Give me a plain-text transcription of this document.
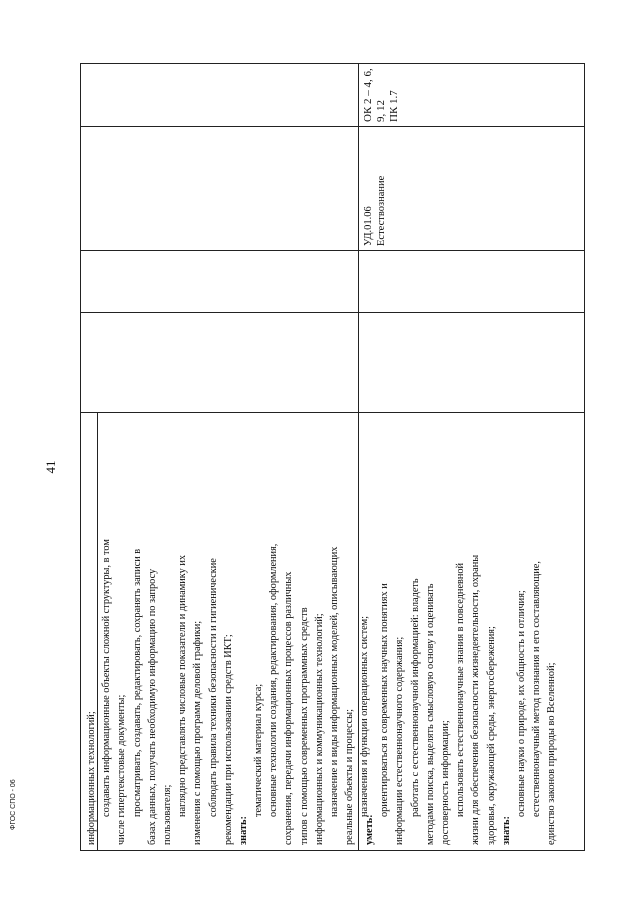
41
ФГОС СПО - 06	информационных технологий; создавать информационные объекты сложной структуры, в том числе гипертекстовые документы; просматривать, создавать, редактировать, сохранять записи в базах данных, получать необходимую информацию по запросу пользователя; наглядно представлять числовые показатели и динамику их изменения с помощью программ деловой графики; соблюдать правила техники безопасности и гигиенические рекомендации при использовании средств ИКТ; знать:
тематический материал курса; основные технологии создания, редактирования, оформления, сохранения, передачи информационных процессов различных типов с помощью современных программных средств информационных и коммуникационных технологий; назначение и виды информационных моделей, описывающих реальные объекты и процессы; назначения и функции операционных систем;
уметь:
ориентироваться в современных научных понятиях и информации естественнонаучного содержания; работать с естественнонаучной информацией: владеть методами поиска, выделять смысловую основу и оценивать достоверность информации; использовать естественнонаучные знания в повседневной жизни для обеспечения безопасности жизнедеятельности, охраны здоровья, окружающей среды, энергосбережения; знать:
основные науки о природе, их общность и отличия; естественнонаучный метод познания и его составляющие, единство законов природы во Вселенной;
УД.01.06 Естествознание
ОК 2 – 4, 6, 9, 12 ПК 1.7
